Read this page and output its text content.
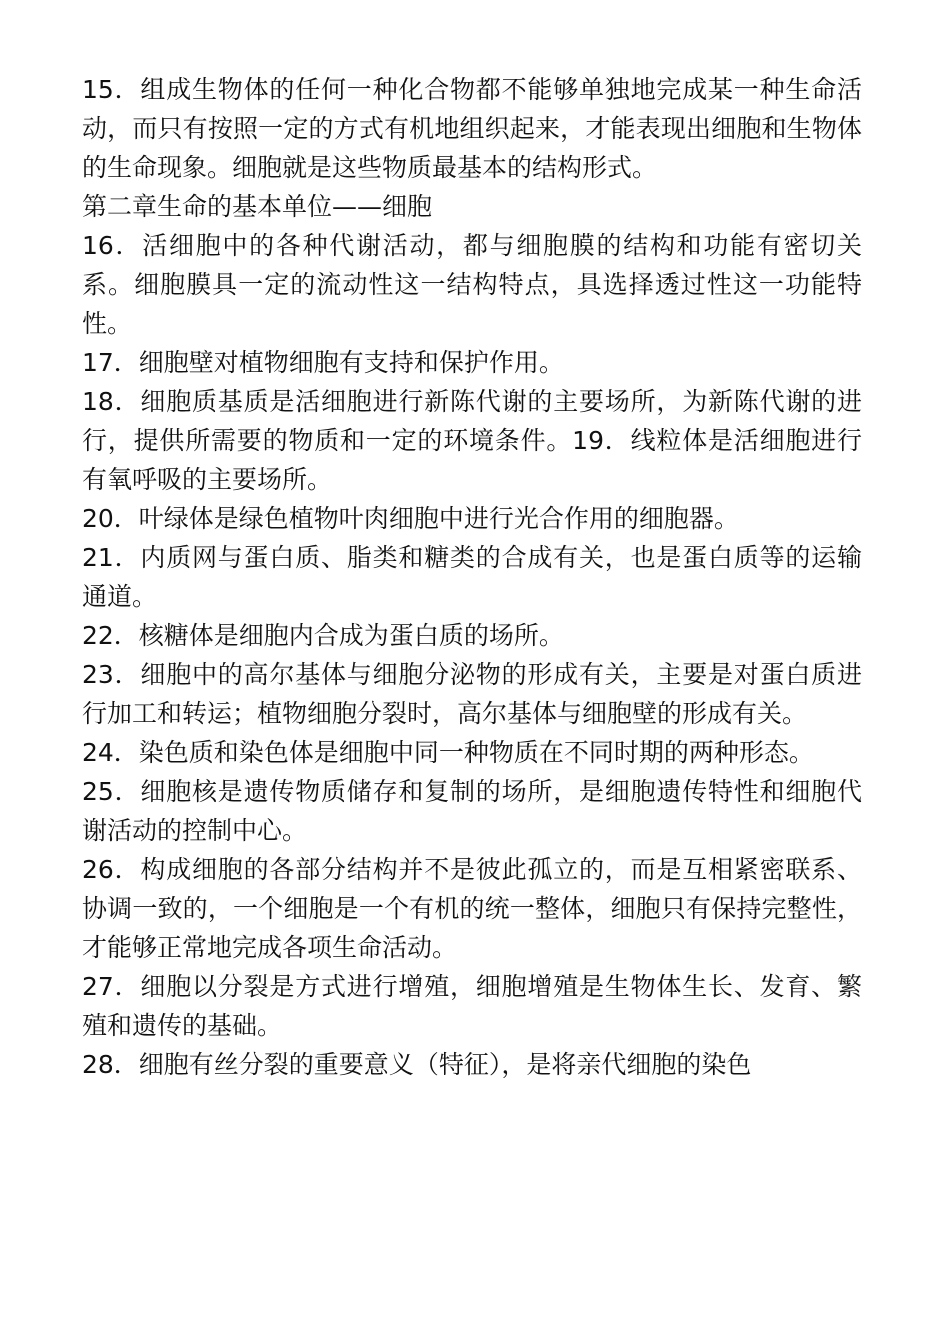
15．组成生物体的任何一种化合物都不能够单独地完成某一种生命活动，而只有按照一定的方式有机地组织起来，才能表现出细胞和生物体的生命现象。细胞就是这些物质最基本的结构形式。

第二章生命的基本单位——细胞

16．活细胞中的各种代谢活动，都与细胞膜的结构和功能有密切关系。细胞膜具一定的流动性这一结构特点，具选择透过性这一功能特性。

17．细胞壁对植物细胞有支持和保护作用。

18．细胞质基质是活细胞进行新陈代谢的主要场所，为新陈代谢的进行，提供所需要的物质和一定的环境条件。19．线粒体是活细胞进行有氧呼吸的主要场所。

20．叶绿体是绿色植物叶肉细胞中进行光合作用的细胞器。

21．内质网与蛋白质、脂类和糖类的合成有关，也是蛋白质等的运输通道。

22．核糖体是细胞内合成为蛋白质的场所。

23．细胞中的高尔基体与细胞分泌物的形成有关，主要是对蛋白质进行加工和转运；植物细胞分裂时，高尔基体与细胞壁的形成有关。

24．染色质和染色体是细胞中同一种物质在不同时期的两种形态。

25．细胞核是遗传物质储存和复制的场所，是细胞遗传特性和细胞代谢活动的控制中心。

26．构成细胞的各部分结构并不是彼此孤立的，而是互相紧密联系、协调一致的，一个细胞是一个有机的统一整体，细胞只有保持完整性，才能够正常地完成各项生命活动。

27．细胞以分裂是方式进行增殖，细胞增殖是生物体生长、发育、繁殖和遗传的基础。

28．细胞有丝分裂的重要意义（特征），是将亲代细胞的染色
